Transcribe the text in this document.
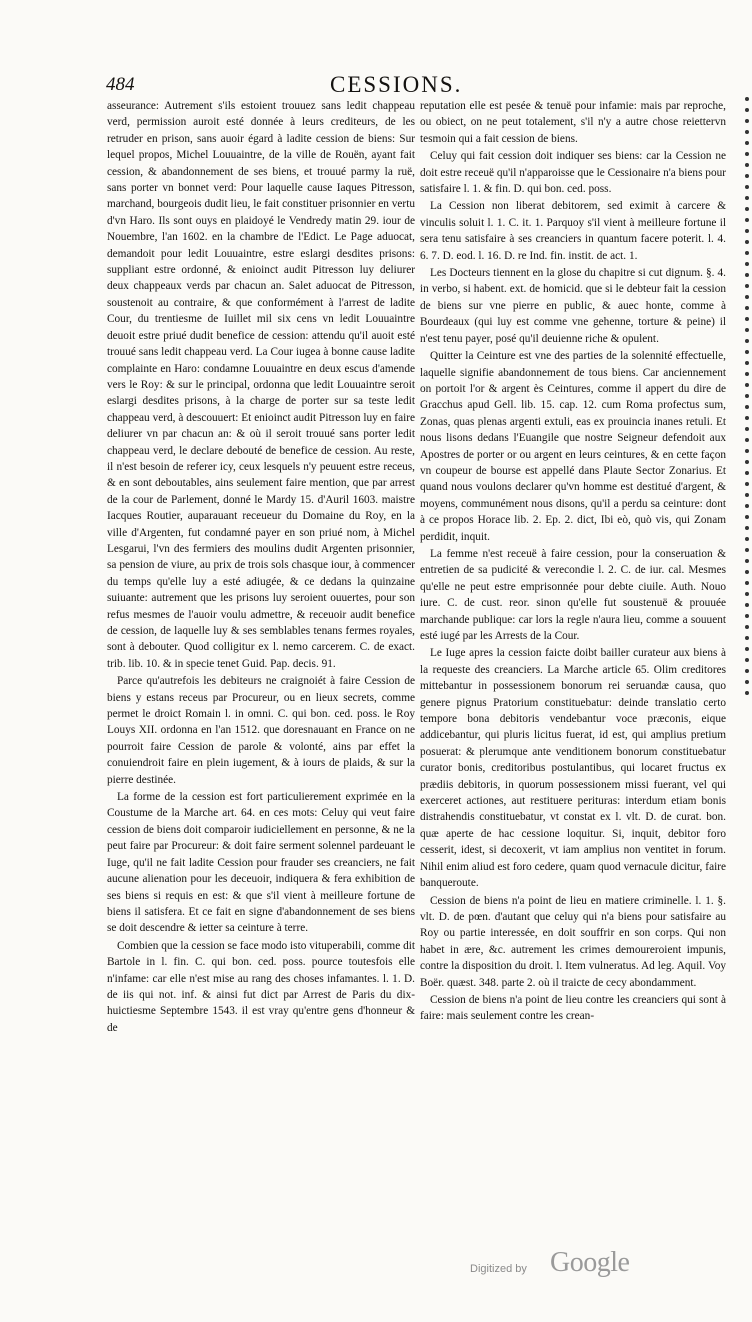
484	CESSIONS.

asseurance: Autrement s'ils estoient trouuez sans ledit chappeau verd, permission auroit esté donnée à leurs crediteurs, de les retruder en prison, sans auoir égard à ladite cession de biens: Sur lequel propos, Michel Louuaintre, de la ville de Rouën, ayant fait cession, & abandonnement de ses biens, et trouué parmy la ruë, sans porter vn bonnet verd: Pour laquelle cause Iaques Pitresson, marchand, bourgeois dudit lieu, le fait constituer prisonnier en vertu d'vn Haro. Ils sont ouys en plaidoyé le Vendredy matin 29. iour de Nouembre, l'an 1602. en la chambre de l'Edict. Le Page aduocat, demandoit pour ledit Louuaintre, estre eslargi desdites prisons: suppliant estre ordonné, & enioinct audit Pitresson luy deliurer deux chappeaux verds par chacun an. Salet aduocat de Pitresson, soustenoit au contraire, & que conformément à l'arrest de ladite Cour, du trentiesme de Iuillet mil six cens vn ledit Louuaintre deuoit estre priué dudit benefice de cession: attendu qu'il auoit esté trouué sans ledit chappeau verd. La Cour iugea à bonne cause ladite complainte en Haro: condamne Louuaintre en deux escus d'amende vers le Roy: & sur le principal, ordonna que ledit Louuaintre seroit eslargi desdites prisons, à la charge de porter sur sa teste ledit chappeau verd, à descouuert: Et enioinct audit Pitresson luy en faire deliurer vn par chacun an: & où il seroit trouué sans porter ledit chappeau verd, le declare debouté de benefice de cession. Au reste, il n'est besoin de referer icy, ceux lesquels n'y peuuent estre receus, & en sont deboutables, ains seulement faire mention, que par arrest de la cour de Parlement, donné le Mardy 15. d'Auril 1603. maistre Iacques Routier, auparauant receueur du Domaine du Roy, en la ville d'Argenten, fut condamné payer en son priué nom, à Michel Lesgarui, l'vn des fermiers des moulins dudit Argenten prisonnier, sa pension de viure, au prix de trois sols chasque iour, à commencer du temps qu'elle luy a esté adiugée, & ce dedans la quinzaine suiuante: autrement que les prisons luy seroient ouuertes, pour son refus mesmes de l'auoir voulu admettre, & receuoir audit benefice de cession, de laquelle luy & ses semblables tenans fermes royales, sont à debouter. Quod colligitur ex l. nemo carcerem. C. de exact. trib. lib. 10. & in specie tenet Guid. Pap. decis. 91.

Parce qu'autrefois les debiteurs ne craignoiét à faire Cession de biens y estans receus par Procureur, ou en lieux secrets, comme permet le droict Romain l. in omni. C. qui bon. ced. poss. le Roy Louys XII. ordonna en l'an 1512. que doresnauant en France on ne pourroit faire Cession de parole & volonté, ains par effet la conuiendroit faire en plein iugement, & à iours de plaids, & sur la pierre destinée.

La forme de la cession est fort particulierement exprimée en la Coustume de la Marche art. 64. en ces mots: Celuy qui veut faire cession de biens doit comparoir iudiciellement en personne, & ne la peut faire par Procureur: & doit faire serment solennel pardeuant le Iuge, qu'il ne fait ladite Cession pour frauder ses creanciers, ne fait aucune alienation pour les deceuoir, indiquera & fera exhibition de ses biens si requis en est: & que s'il vient à meilleure fortune de biens il satisfera. Et ce fait en signe d'abandonnement de ses biens se doit descendre & ietter sa ceinture à terre.

Combien que la cession se face modo isto vituperabili, comme dit Bartole in l. fin. C. qui bon. ced. poss. pource toutesfois elle n'infame: car elle n'est mise au rang des choses infamantes. l. 1. D. de iis qui not. inf. & ainsi fut dict par Arrest de Paris du dix-huictiesme Septembre 1543. il est vray qu'entre gens d'honneur & de

reputation elle est pesée & tenuë pour infamie: mais par reproche, ou obiect, on ne peut totalement, s'il n'y a autre chose reiettervn tesmoin qui a fait cession de biens.

Celuy qui fait cession doit indiquer ses biens: car la Cession ne doit estre receuë qu'il n'apparoisse que le Cessionaire n'a biens pour satisfaire l. 1. & fin. D. qui bon. ced. poss.

La Cession non liberat debitorem, sed eximit à carcere & vinculis soluit l. 1. C. it. 1. Parquoy s'il vient à meilleure fortune il sera tenu satisfaire à ses creanciers in quantum facere poterit. l. 4. 6. 7. D. eod. l. 16. D. re Ind. fin. instit. de act. 1.

Les Docteurs tiennent en la glose du chapitre si cut dignum. §. 4. in verbo, si habent. ext. de homicid. que si le debteur fait la cession de biens sur vne pierre en public, & auec honte, comme à Bourdeaux (qui luy est comme vne gehenne, torture & peine) il n'est tenu payer, posé qu'il deuienne riche & opulent.

Quitter la Ceinture est vne des parties de la solennité effectuelle, laquelle signifie abandonnement de tous biens. Car anciennement on portoit l'or & argent ès Ceintures, comme il appert du dire de Gracchus apud Gell. lib. 15. cap. 12. cum Roma profectus sum, Zonas, quas plenas argenti extuli, eas ex prouincia inanes retuli. Et nous lisons dedans l'Euangile que nostre Seigneur defendoit aux Apostres de porter or ou argent en leurs ceintures, & en cette façon vn coupeur de bourse est appellé dans Plaute Sector Zonarius. Et quand nous voulons declarer qu'vn homme est destitué d'argent, & moyens, communément nous disons, qu'il a perdu sa ceinture: dont à ce propos Horace lib. 2. Ep. 2. dict, Ibi eò, quò vis, qui Zonam perdidit, inquit.

La femme n'est receuë à faire cession, pour la conseruation & entretien de sa pudicité & verecondie l. 2. C. de iur. cal. Mesmes qu'elle ne peut estre emprisonnée pour debte ciuile. Auth. Nouo iure. C. de cust. reor. sinon qu'elle fut soustenuë & prouuée marchande publique: car lors la regle n'aura lieu, comme a souuent esté iugé par les Arrests de la Cour.

Le Iuge apres la cession faicte doibt bailler curateur aux biens à la requeste des creanciers. La Marche article 65. Olim creditores mittebantur in possessionem bonorum rei seruandæ causa, quo genere pignus Pratorium constituebatur: deinde translatio certo tempore bona debitoris vendebantur voce præconis, eique addicebantur, qui pluris licitus fuerat, id est, qui amplius pretium posuerat: & plerumque ante venditionem bonorum constituebatur curator bonis, creditoribus postulantibus, qui locaret fructus ex prædiis debitoris, in quorum possessionem missi fuerant, vel qui exerceret actiones, aut restituere perituras: interdum etiam bonis distrahendis constituebatur, vt constat ex l. vlt. D. de curat. bon. quæ aperte de hac cessione loquitur. Si, inquit, debitor foro cesserit, idest, si decoxerit, vt iam amplius non ventitet in forum. Nihil enim aliud est foro cedere, quam quod vernacule dicitur, faire banqueroute.

Cession de biens n'a point de lieu en matiere criminelle. l. 1. §. vlt. D. de pœn. d'autant que celuy qui n'a biens pour satisfaire au Roy ou partie interessée, en doit souffrir en son corps. Qui non habet in ære, &c. autrement les crimes demoureroient impunis, contre la disposition du droit. l. Item vulneratus. Ad leg. Aquil. Voy Boër. quæst. 348. parte 2. où il traicte de cecy abondamment.

Cession de biens n'a point de lieu contre les creanciers qui sont à faire: mais seulement contre les crean-

Digitized by Google
